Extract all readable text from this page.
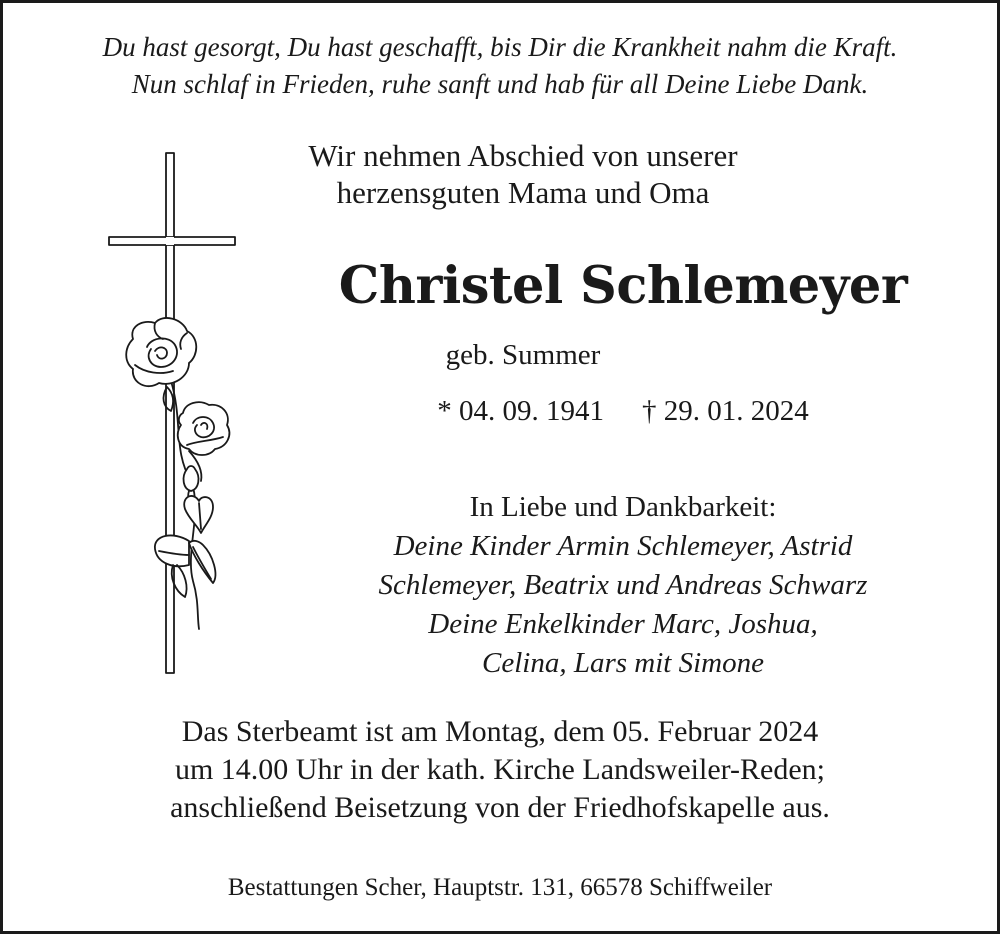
Du hast gesorgt, Du hast geschafft, bis Dir die Krankheit nahm die Kraft.
Nun schlaf in Frieden, ruhe sanft und hab für all Deine Liebe Dank.
Wir nehmen Abschied von unserer
herzensguten Mama und Oma
Christel Schlemeyer
geb. Summer
* 04. 09. 1941 † 29. 01. 2024
In Liebe und Dankbarkeit:
Deine Kinder Armin Schlemeyer, Astrid
Schlemeyer, Beatrix und Andreas Schwarz
Deine Enkelkinder Marc, Joshua,
Celina, Lars mit Simone
Das Sterbeamt ist am Montag, dem 05. Februar 2024
um 14.00 Uhr in der kath. Kirche Landsweiler-Reden;
anschließend Beisetzung von der Friedhofskapelle aus.
Bestattungen Scher, Hauptstr. 131, 66578 Schiffweiler
